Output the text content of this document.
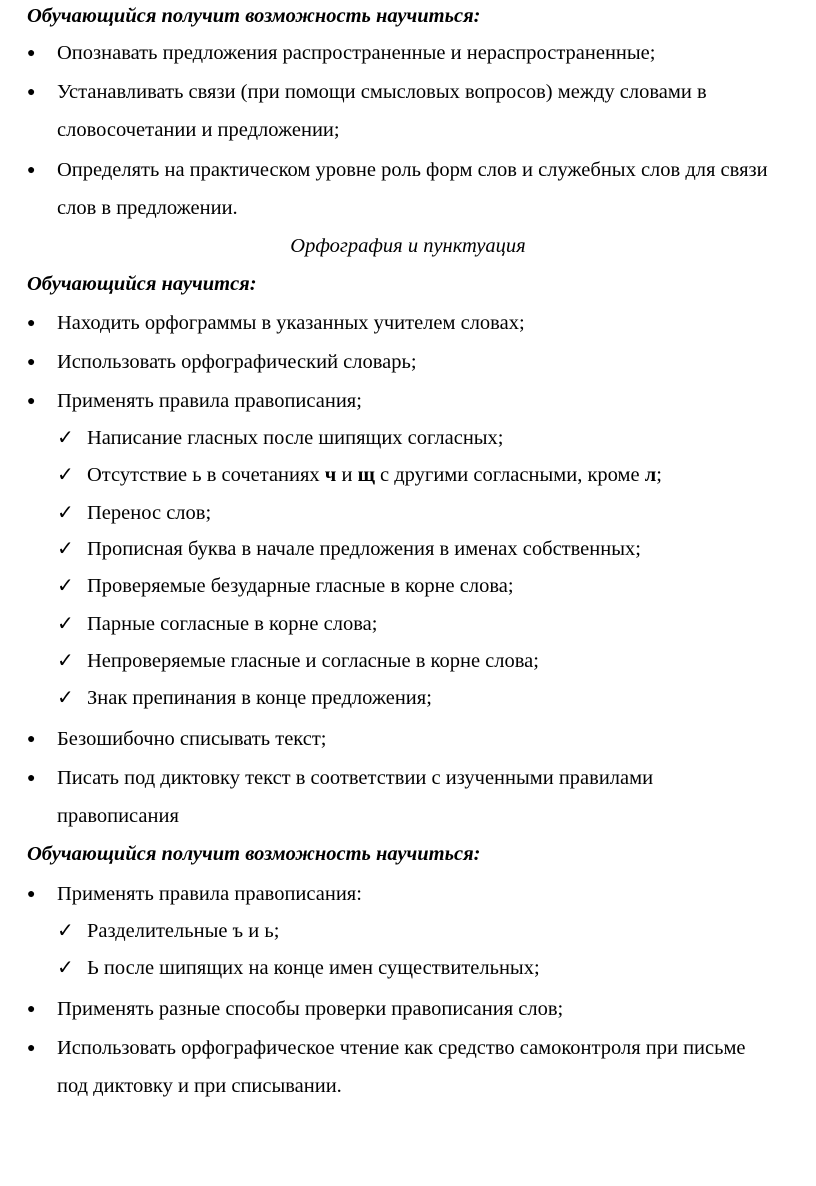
Обучающийся получит возможность научиться:
● Опознавать предложения распространенные и нераспространенные;
● Устанавливать связи (при помощи смысловых вопросов) между словами в
словосочетании и предложении;
● Определять на практическом уровне роль форм слов и служебных слов для связи
слов в предложении.
Орфография и пунктуация
Обучающийся научится:
● Находить орфограммы в указанных учителем словах;
● Использовать орфографический словарь;
● Применять правила правописания;
✓ Написание гласных после шипящих согласных;
✓ Отсутствие ь в сочетаниях ч и щ с другими согласными, кроме л;
✓ Перенос слов;
✓ Прописная буква в начале предложения в именах собственных;
✓ Проверяемые безударные гласные в корне слова;
✓ Парные согласные в корне слова;
✓ Непроверяемые гласные и согласные в корне слова;
✓ Знак препинания в конце предложения;
● Безошибочно списывать текст;
● Писать под диктовку текст в соответствии с изученными правилами
правописания
Обучающийся получит возможность научиться:
● Применять правила правописания:
✓ Разделительные ъ и ь;
✓ Ь после шипящих на конце имен существительных;
● Применять разные способы проверки правописания слов;
● Использовать орфографическое чтение как средство самоконтроля при письме
под диктовку и при списывании.
